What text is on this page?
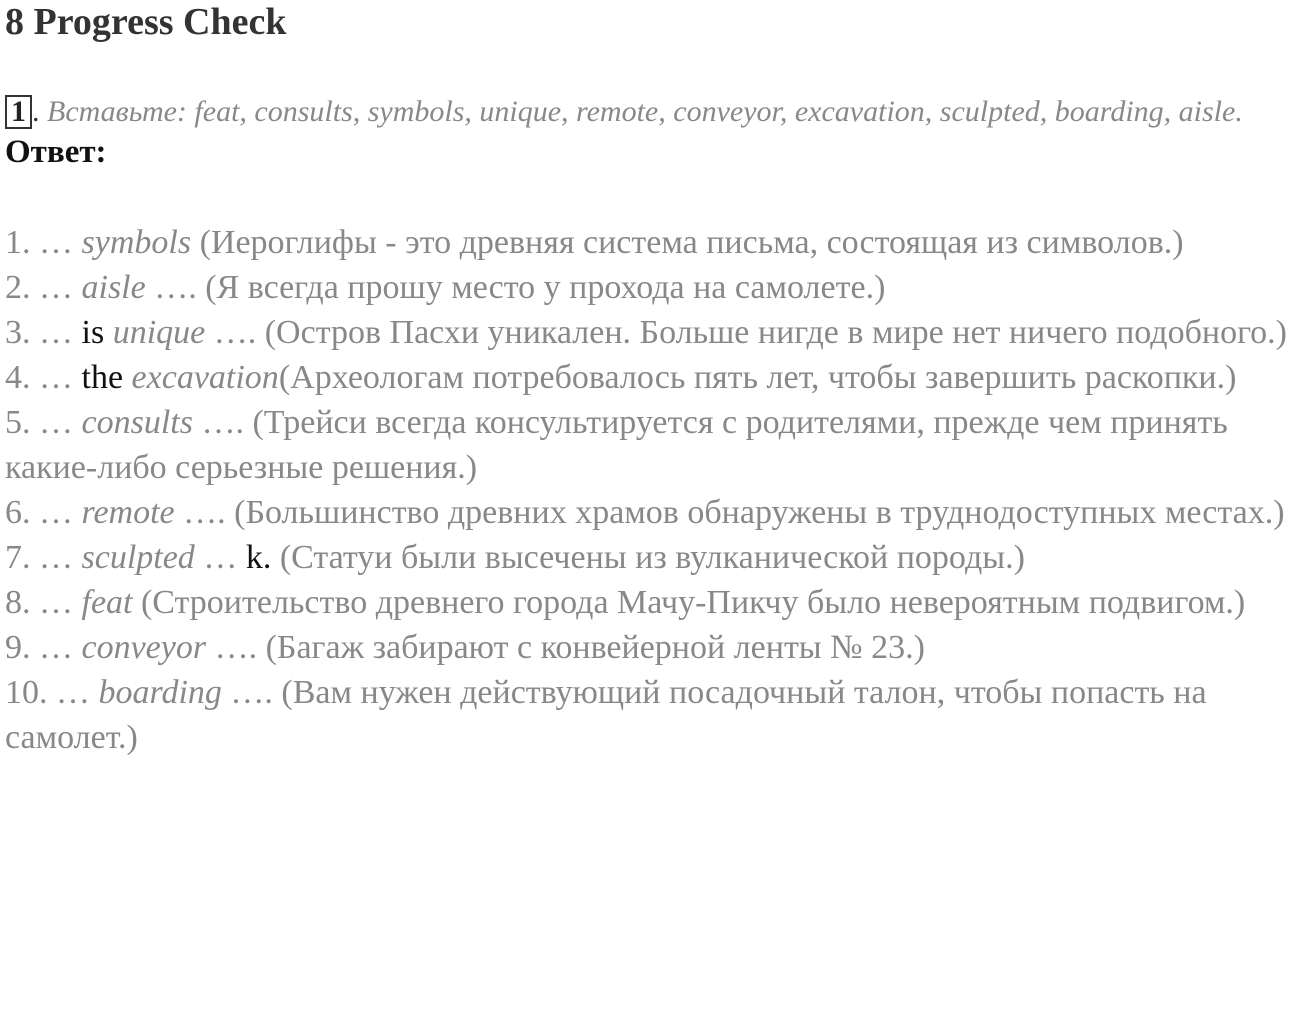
8 Progress Check
1 . Вставьте: feat, consults, symbols, unique, remote, conveyor, excavation, sculpted, boarding, aisle.
Ответ:

1. … symbols (Иероглифы - это древняя система письма, состоящая из символов.)

2. … aisle …. (Я всегда прошу место у прохода на самолете.)

3. … is unique …. (Остров Пасхи уникален. Больше нигде в мире нет ничего подобного.)

4. … the excavation(Археологам потребовалось пять лет, чтобы завершить раскопки.)

5. … consults …. (Трейси всегда консультируется с родителями, прежде чем принять какие-либо серьезные решения.)

6. … remote …. (Большинство древних храмов обнаружены в труднодоступных местах.)

7. … sculpted … k. (Статуи были высечены из вулканической породы.)

8. … feat (Строительство древнего города Мачу-Пикчу было невероятным подвигом.)

9. … conveyor …. (Багаж забирают с конвейерной ленты № 23.)

10. … boarding …. (Вам нужен действующий посадочный талон, чтобы попасть на самолет.)
